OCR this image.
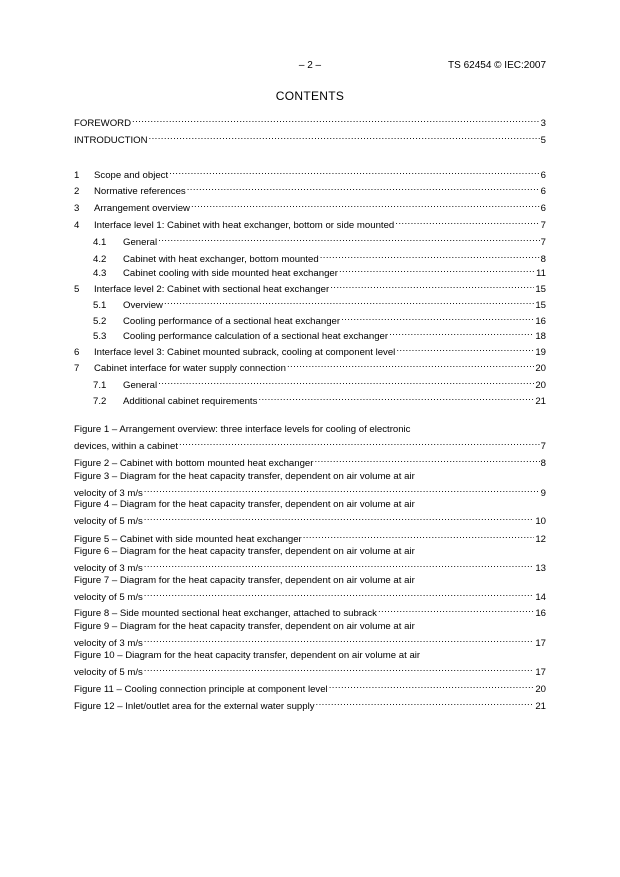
– 2 –	TS 62454 © IEC:2007
CONTENTS
FOREWORD .....	3
INTRODUCTION .....	5
1	Scope and object .....	6
2	Normative references .....	6
3	Arrangement overview .....	6
4	Interface level 1: Cabinet with heat exchanger, bottom or side mounted .....	7
4.1	General .....	7
4.2	Cabinet with heat exchanger, bottom mounted .....	8
4.3	Cabinet cooling with side mounted heat exchanger .....	11
5	Interface level 2: Cabinet with sectional heat exchanger .....	15
5.1	Overview .....	15
5.2	Cooling performance of a sectional heat exchanger .....	16
5.3	Cooling performance calculation of a sectional heat exchanger .....	18
6	Interface level 3: Cabinet mounted subrack, cooling at component level .....	19
7	Cabinet interface for water supply connection .....	20
7.1	General .....	20
7.2	Additional cabinet requirements .....	21
Figure 1 – Arrangement overview: three interface levels for cooling of electronic
devices, within a cabinet .....	7
Figure 2 – Cabinet with bottom mounted heat exchanger .....	8
Figure 3 – Diagram for the heat capacity transfer, dependent on air volume at air
velocity of 3 m/s .....	9
Figure 4 – Diagram for the heat capacity transfer, dependent on air volume at air
velocity of 5 m/s .....	10
Figure 5 – Cabinet with side mounted heat exchanger .....	12
Figure 6 – Diagram for the heat capacity transfer, dependent on air volume at air
velocity of 3 m/s .....	13
Figure 7 – Diagram for the heat capacity transfer, dependent on air volume at air
velocity of 5 m/s .....	14
Figure 8 – Side mounted sectional heat exchanger, attached to subrack .....	16
Figure 9 – Diagram for the heat capacity transfer, dependent on air volume at air
velocity of 3 m/s .....	17
Figure 10 – Diagram for the heat capacity transfer, dependent on air volume at air
velocity of 5 m/s .....	17
Figure 11 – Cooling connection principle at component level .....	20
Figure 12 – Inlet/outlet area for the external water supply .....	21
